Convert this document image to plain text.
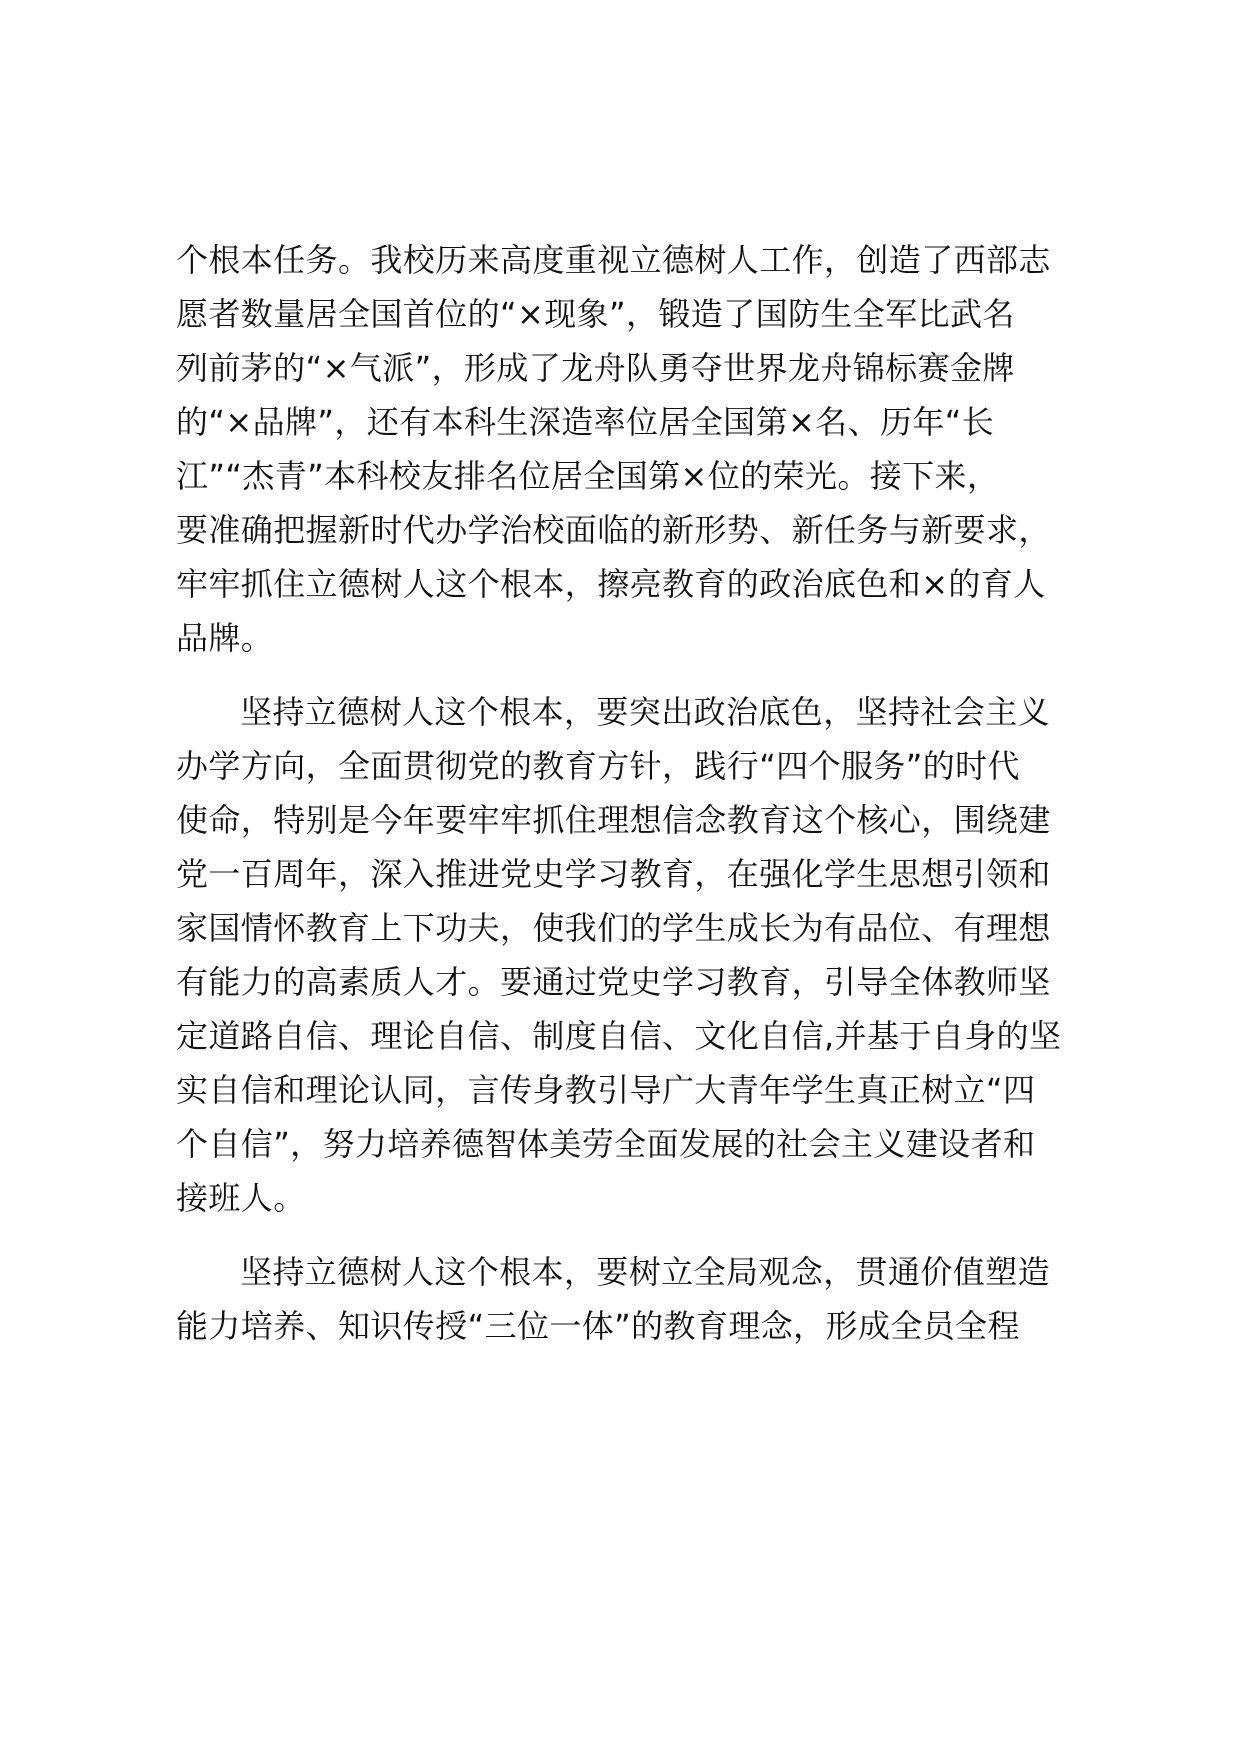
个根本任务。我校历来高度重视立德树人工作，创造了西部志
愿者数量居全国首位的“×现象”，锻造了国防生全军比武名
列前茅的“×气派”，形成了龙舟队勇夺世界龙舟锦标赛金牌
的“×品牌”，还有本科生深造率位居全国第×名、历年“长
江”“杰青”本科校友排名位居全国第×位的荣光。接下来，
要准确把握新时代办学治校面临的新形势、新任务与新要求，
牢牢抓住立德树人这个根本，擦亮教育的政治底色和×的育人
品牌。
坚持立德树人这个根本，要突出政治底色，坚持社会主义
办学方向，全面贯彻党的教育方针，践行“四个服务”的时代
使命，特别是今年要牢牢抓住理想信念教育这个核心，围绕建
党一百周年，深入推进党史学习教育，在强化学生思想引领和
家国情怀教育上下功夫，使我们的学生成长为有品位、有理想
有能力的高素质人才。要通过党史学习教育，引导全体教师坚
定道路自信、理论自信、制度自信、文化自信,并基于自身的坚
实自信和理论认同，言传身教引导广大青年学生真正树立“四
个自信”，努力培养德智体美劳全面发展的社会主义建设者和
接班人。
坚持立德树人这个根本，要树立全局观念，贯通价值塑造
能力培养、知识传授“三位一体”的教育理念，形成全员全程
